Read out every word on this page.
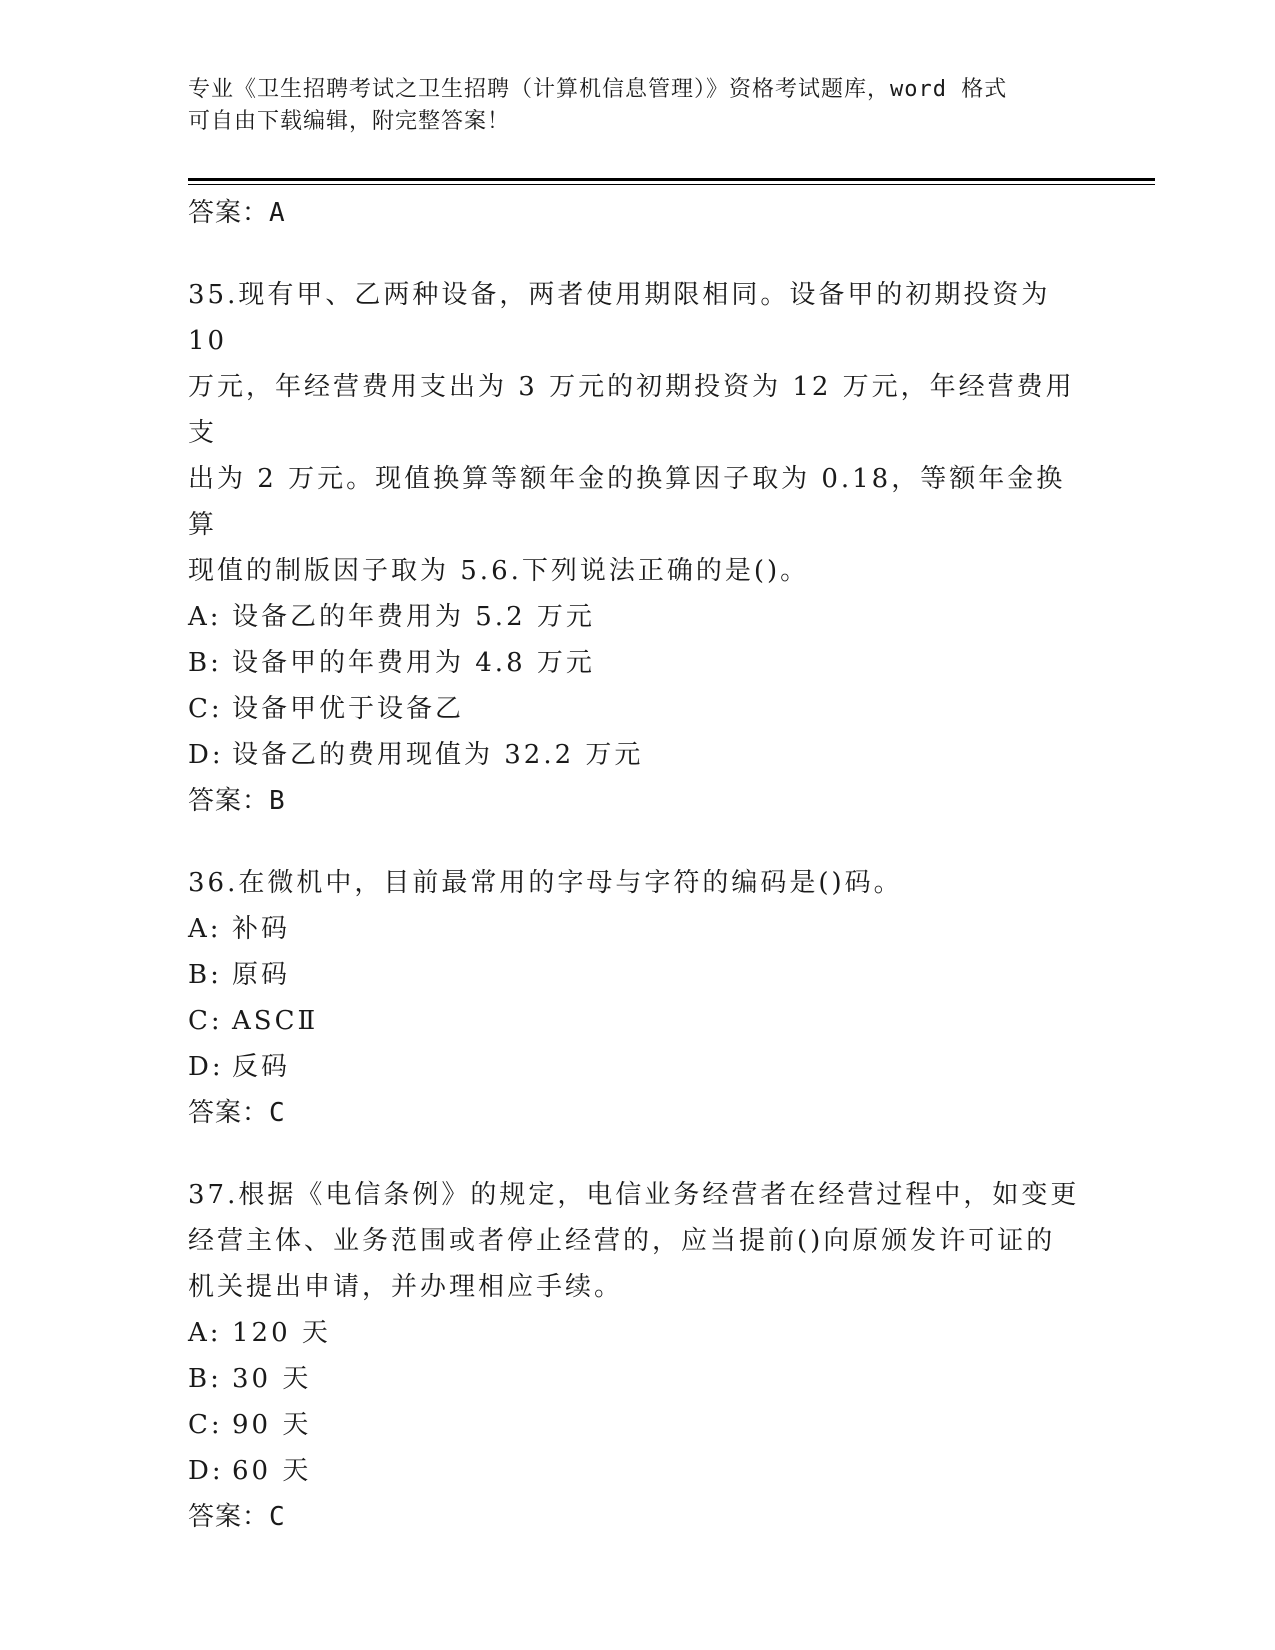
专业《卫生招聘考试之卫生招聘（计算机信息管理）》资格考试题库，word 格式
可自由下载编辑，附完整答案！
答案：A
35.现有甲、乙两种设备，两者使用期限相同。设备甲的初期投资为 10
万元，年经营费用支出为 3 万元的初期投资为 12 万元，年经营费用支
出为 2 万元。现值换算等额年金的换算因子取为 0.18，等额年金换算
现值的制版因子取为 5.6.下列说法正确的是()。
A: 设备乙的年费用为 5.2 万元
B: 设备甲的年费用为 4.8 万元
C: 设备甲优于设备乙
D: 设备乙的费用现值为 32.2 万元
答案：B
36.在微机中，目前最常用的字母与字符的编码是()码。
A: 补码
B: 原码
C: ASCⅡ
D: 反码
答案：C
37.根据《电信条例》的规定，电信业务经营者在经营过程中，如变更
经营主体、业务范围或者停止经营的，应当提前()向原颁发许可证的
机关提出申请，并办理相应手续。
A: 120 天
B: 30 天
C: 90 天
D: 60 天
答案：C
